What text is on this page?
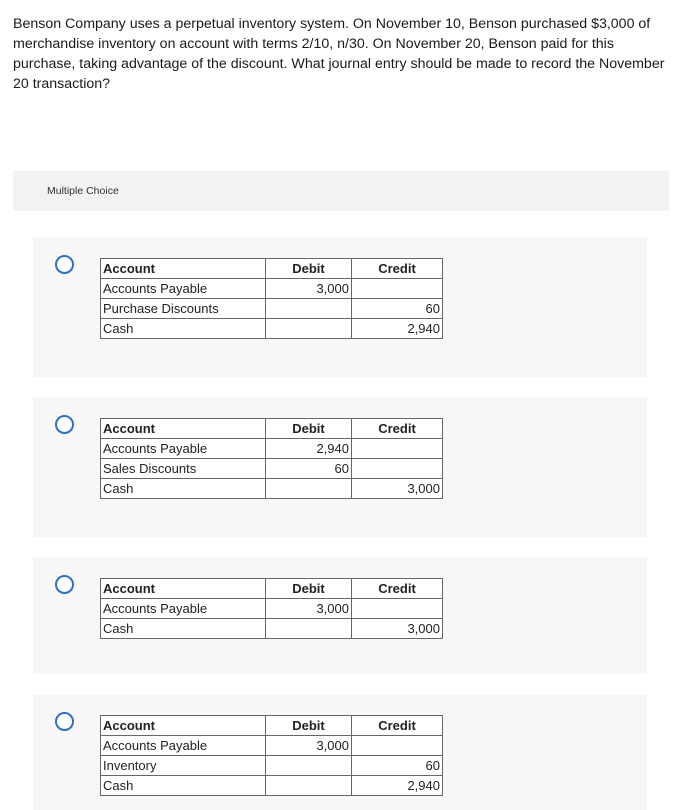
Benson Company uses a perpetual inventory system. On November 10, Benson purchased $3,000 of merchandise inventory on account with terms 2/10, n/30. On November 20, Benson paid for this purchase, taking advantage of the discount. What journal entry should be made to record the November 20 transaction?
Multiple Choice
Account	Debit	Credit
Accounts Payable	3,000	
Purchase Discounts		60
Cash		2,940
Account	Debit	Credit
Accounts Payable	2,940	
Sales Discounts	60	
Cash		3,000
Account	Debit	Credit
Accounts Payable	3,000	
Cash		3,000
Account	Debit	Credit
Accounts Payable	3,000	
Inventory		60
Cash		2,940
